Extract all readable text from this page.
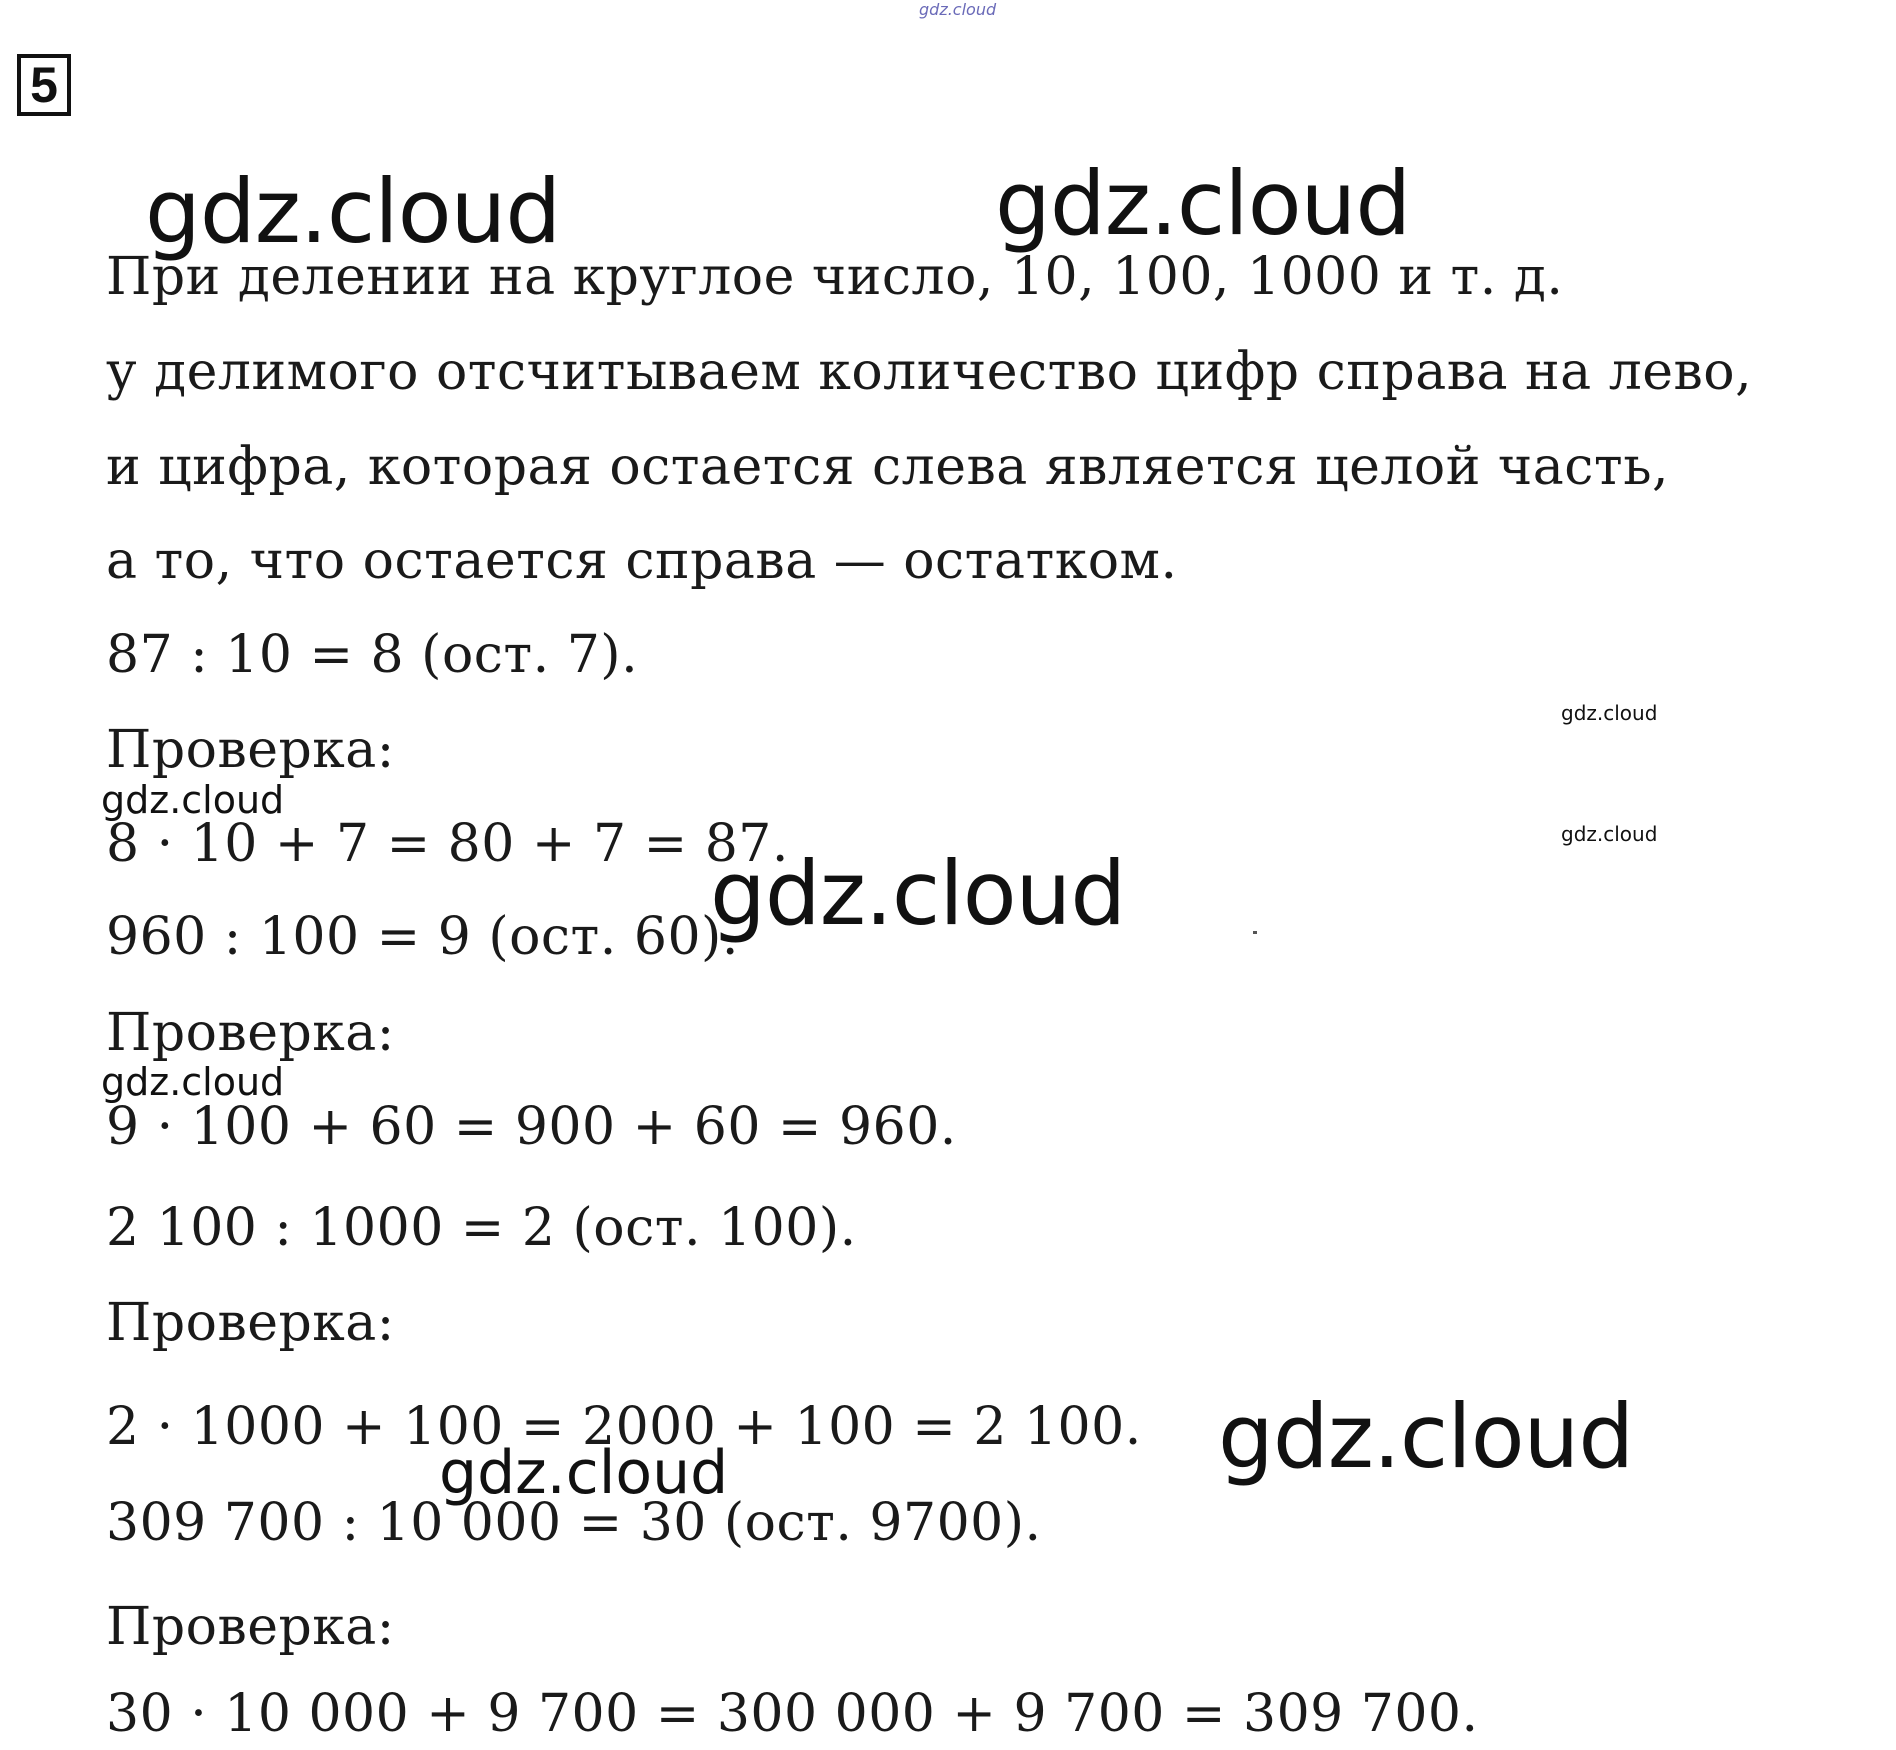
5
При делении на круглое число, 10, 100, 1000 и т. д.
у делимого отсчитываем количество цифр справа на лево,
и цифра, которая остается слева является целой часть,
а то, что остается справа — остатком.
87 : 10 = 8 (ост. 7).
Проверка:
8 · 10 + 7 = 80 + 7 = 87.
960 : 100 = 9 (ост. 60).
Проверка:
9 · 100 + 60 = 900 + 60 = 960.
2 100 : 1000 = 2 (ост. 100).
Проверка:
2 · 1000 + 100 = 2000 + 100 = 2 100.
309 700 : 10 000 = 30 (ост. 9700).
Проверка:
30 · 10 000 + 9 700 = 300 000 + 9 700 = 309 700.
gdz.cloud
gdz.cloud	gdz.cloud
gdz.cloud
gdz.cloud
gdz.cloud
gdz.cloud
gdz.cloud
gdz.cloud
gdz.cloud
